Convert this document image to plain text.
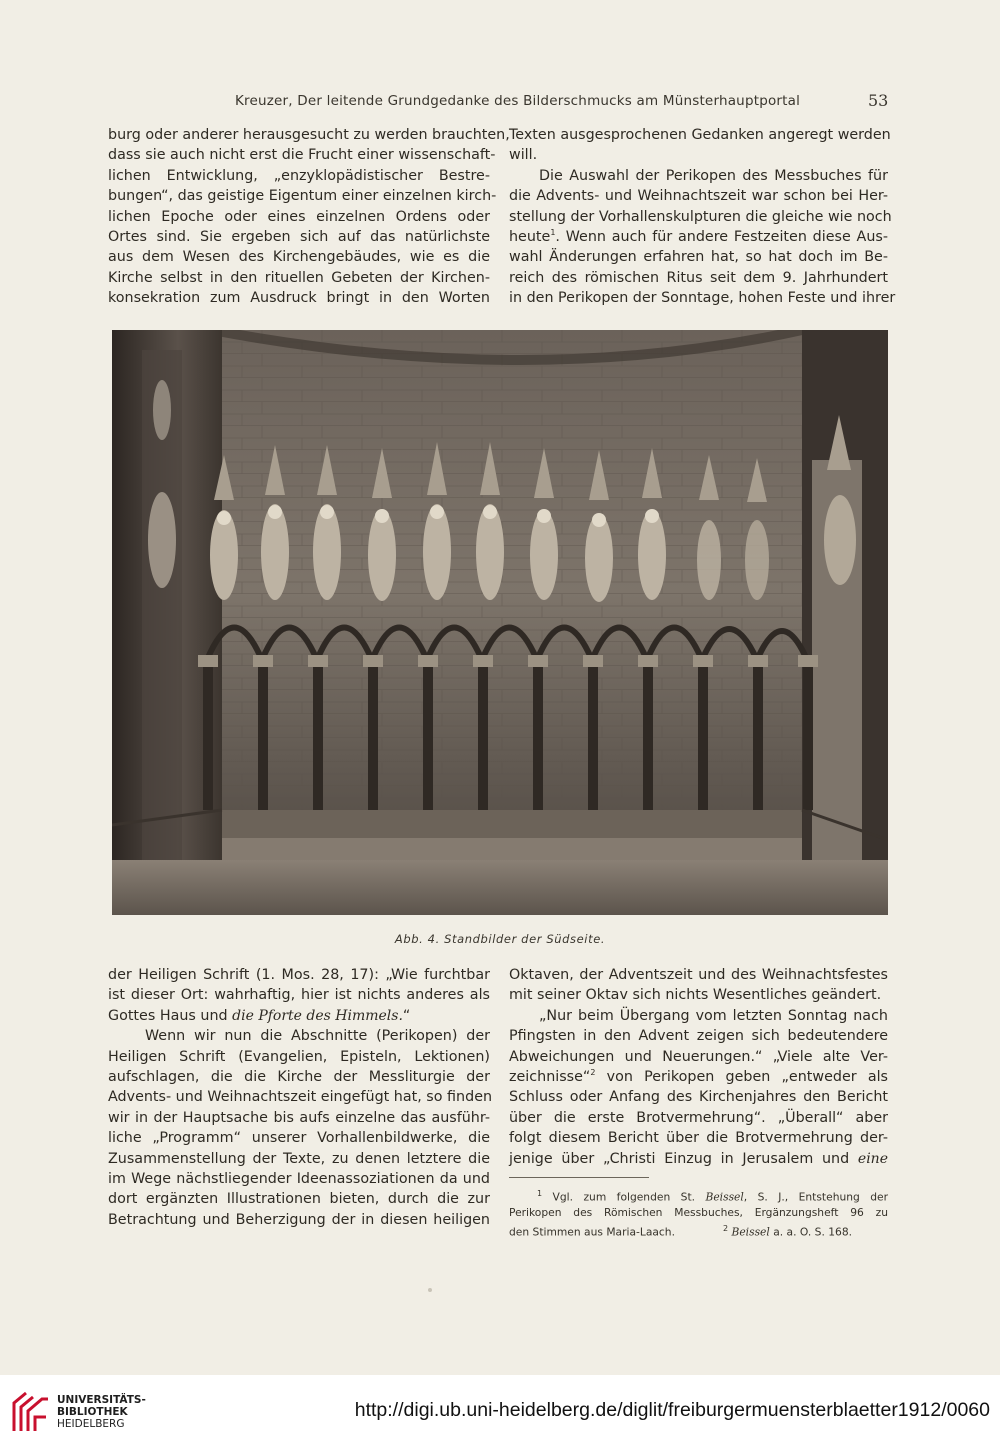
Kreuzer, Der leitende Grundgedanke des Bilderschmucks am Münsterhauptportal	53
burg oder anderer herausgesucht zu werden brauchten,
dass sie auch nicht erst die Frucht einer wissenschaft-
lichen Entwicklung, „enzyklopädistischer Bestre-
bungen“, das geistige Eigentum einer einzelnen kirch-
lichen Epoche oder eines einzelnen Ordens oder
Ortes sind. Sie ergeben sich auf das natürlichste
aus dem Wesen des Kirchengebäudes, wie es die
Kirche selbst in den rituellen Gebeten der Kirchen-
konsekration zum Ausdruck bringt in den Worten
Texten ausgesprochenen Gedanken angeregt werden
will.
Die Auswahl der Perikopen des Messbuches für
die Advents- und Weihnachtszeit war schon bei Her-
stellung der Vorhallenskulpturen die gleiche wie noch
heute$^1$. Wenn auch für andere Festzeiten diese Aus-
wahl Änderungen erfahren hat, so hat doch im Be-
reich des römischen Ritus seit dem 9. Jahrhundert
in den Perikopen der Sonntage, hohen Feste und ihrer
Abb. 4. Standbilder der Südseite.
der Heiligen Schrift (1. Mos. 28, 17): „Wie furchtbar
ist dieser Ort: wahrhaftig, hier ist nichts anderes als
Gottes Haus und die Pforte des Himmels.“
Wenn wir nun die Abschnitte (Perikopen) der
Heiligen Schrift (Evangelien, Episteln, Lektionen)
aufschlagen, die die Kirche der Messliturgie der
Advents- und Weihnachtszeit eingefügt hat, so finden
wir in der Hauptsache bis aufs einzelne das ausführ-
liche „Programm“ unserer Vorhallenbildwerke, die
Zusammenstellung der Texte, zu denen letztere die
im Wege nächstliegender Ideenassoziationen da und
dort ergänzten Illustrationen bieten, durch die zur
Betrachtung und Beherzigung der in diesen heiligen
Oktaven, der Adventszeit und des Weihnachtsfestes
mit seiner Oktav sich nichts Wesentliches geändert.
„Nur beim Übergang vom letzten Sonntag nach
Pfingsten in den Advent zeigen sich bedeutendere
Abweichungen und Neuerungen.“ „Viele alte Ver-
zeichnisse“$^2$ von Perikopen geben „entweder als
Schluss oder Anfang des Kirchenjahres den Bericht
über die erste Brotvermehrung“. „Überall“ aber
folgt diesem Bericht über die Brotvermehrung der-
jenige über „Christi Einzug in Jerusalem und eine
$^1$ Vgl. zum folgenden St. Beissel, S. J., Entstehung der
Perikopen des Römischen Messbuches, Ergänzungsheft 96 zu
den Stimmen aus Maria-Laach.	$^2$ Beissel a. a. O. S. 168.
UNIVERSITÄTS-
BIBLIOTHEK
HEIDELBERG
http://digi.ub.uni-heidelberg.de/diglit/freiburgermuensterblaetter1912/0060
